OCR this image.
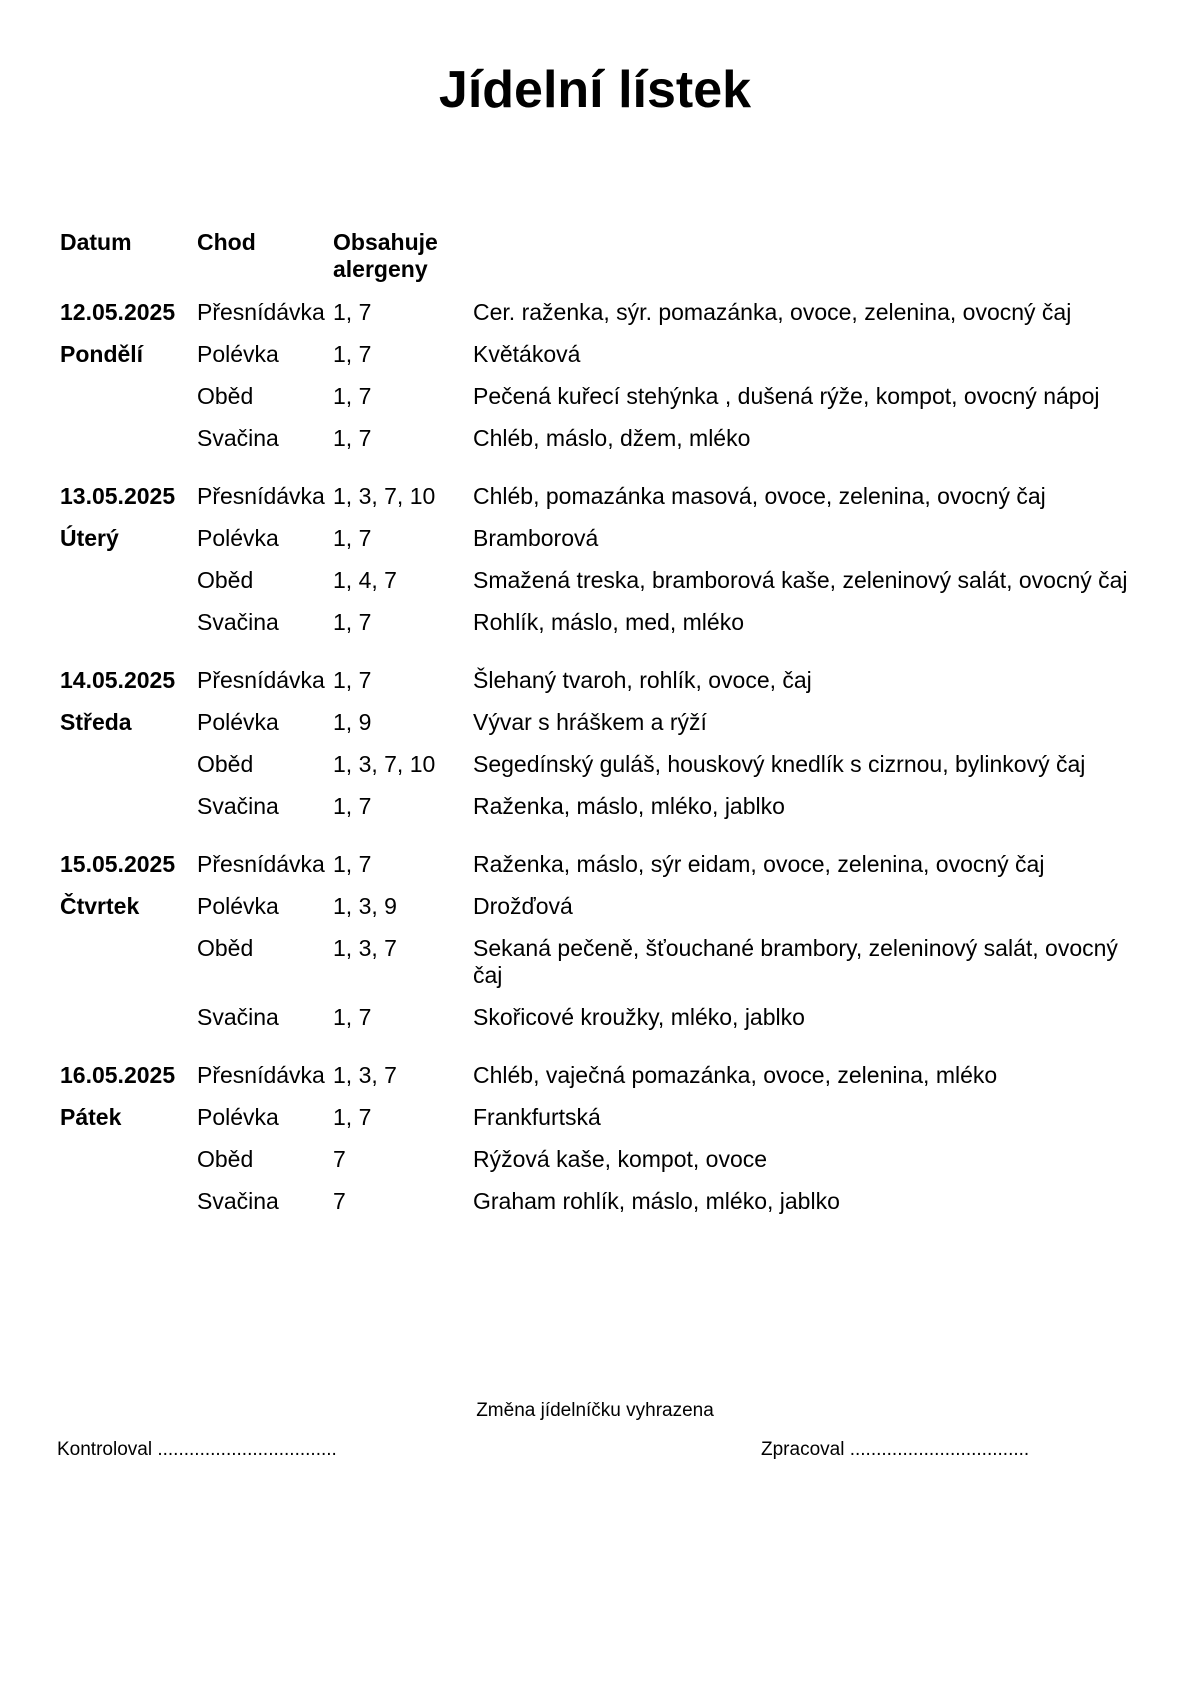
Jídelní lístek
Datum	Chod	Obsahuje alergeny
12.05.2025 Přesnídávka 1, 7	Cer. raženka, sýr. pomazánka, ovoce, zelenina, ovocný čaj
Pondělí	Polévka	1, 7	Květáková
Oběd	1, 7	Pečená kuřecí stehýnka , dušená rýže, kompot, ovocný nápoj
Svačina	1, 7	Chléb, máslo, džem, mléko
13.05.2025 Přesnídávka 1, 3, 7, 10	Chléb, pomazánka masová, ovoce, zelenina, ovocný čaj
Úterý	Polévka	1, 7	Bramborová
Oběd	1, 4, 7	Smažená treska, bramborová kaše, zeleninový salát, ovocný čaj
Svačina	1, 7	Rohlík, máslo, med, mléko
14.05.2025 Přesnídávka 1, 7	Šlehaný tvaroh, rohlík, ovoce, čaj
Středa	Polévka	1, 9	Vývar s hráškem a rýží
Oběd	1, 3, 7, 10	Segedínský guláš, houskový knedlík s cizrnou, bylinkový čaj
Svačina	1, 7	Raženka, máslo, mléko, jablko
15.05.2025 Přesnídávka 1, 7	Raženka, máslo, sýr eidam, ovoce, zelenina, ovocný čaj
Čtvrtek	Polévka	1, 3, 9	Drožďová
Oběd	1, 3, 7	Sekaná pečeně, šťouchané brambory, zeleninový salát, ovocný čaj
Svačina	1, 7	Skořicové kroužky, mléko, jablko
16.05.2025 Přesnídávka 1, 3, 7	Chléb, vaječná pomazánka, ovoce, zelenina, mléko
Pátek	Polévka	1, 7	Frankfurtská
Oběd	7	Rýžová kaše, kompot, ovoce
Svačina	7	Graham rohlík, máslo, mléko, jablko
Změna jídelníčku vyhrazena
Kontroloval ..................................	Zpracoval ..................................
